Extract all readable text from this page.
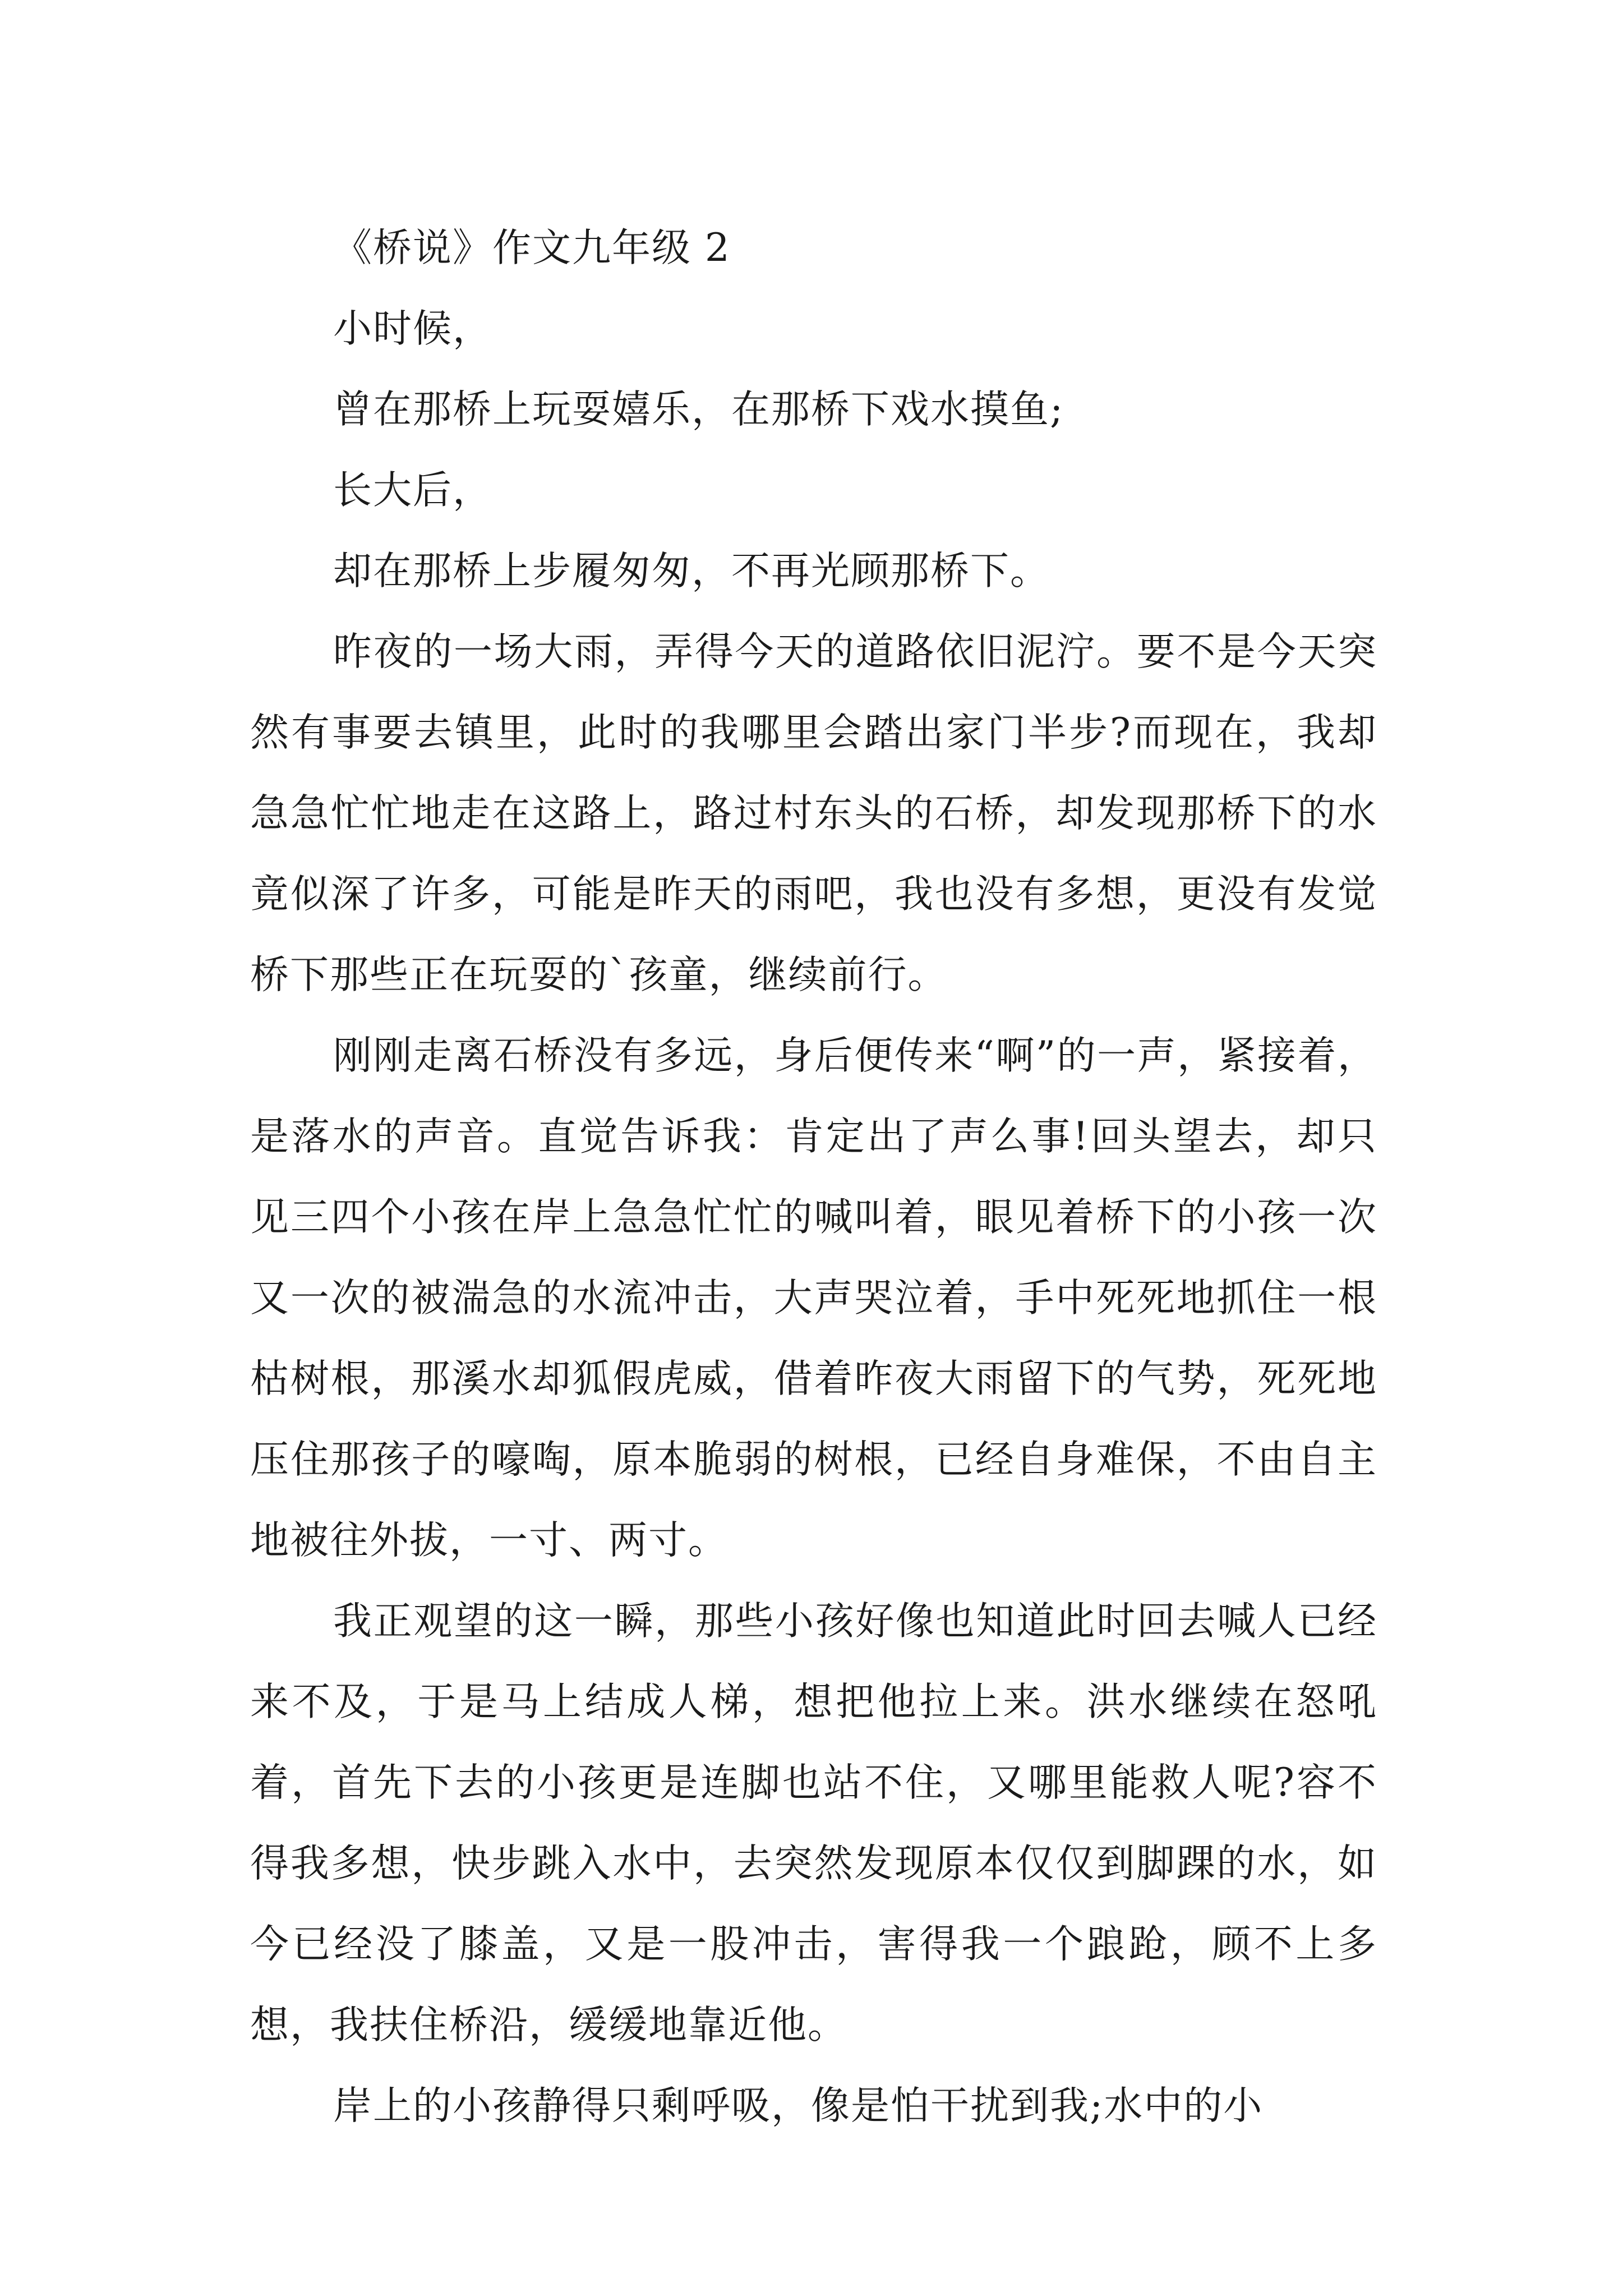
《桥说》作文九年级 2

小时候，

曾在那桥上玩耍嬉乐，在那桥下戏水摸鱼;

长大后，

却在那桥上步履匆匆，不再光顾那桥下。

昨夜的一场大雨，弄得今天的道路依旧泥泞。要不是今天突然有事要去镇里，此时的我哪里会踏出家门半步?而现在，我却急急忙忙地走在这路上，路过村东头的石桥，却发现那桥下的水竟似深了许多，可能是昨天的雨吧，我也没有多想，更没有发觉桥下那些正在玩耍的`孩童，继续前行。

刚刚走离石桥没有多远，身后便传来“啊”的一声，紧接着，是落水的声音。直觉告诉我：肯定出了声么事!回头望去，却只见三四个小孩在岸上急急忙忙的喊叫着，眼见着桥下的小孩一次又一次的被湍急的水流冲击，大声哭泣着，手中死死地抓住一根枯树根，那溪水却狐假虎威，借着昨夜大雨留下的气势，死死地压住那孩子的嚎啕，原本脆弱的树根，已经自身难保，不由自主地被往外拔，一寸、两寸。

我正观望的这一瞬，那些小孩好像也知道此时回去喊人已经来不及，于是马上结成人梯，想把他拉上来。洪水继续在怒吼着，首先下去的小孩更是连脚也站不住，又哪里能救人呢?容不得我多想，快步跳入水中，去突然发现原本仅仅到脚踝的水，如今已经没了膝盖，又是一股冲击，害得我一个踉跄，顾不上多想，我扶住桥沿，缓缓地靠近他。

岸上的小孩静得只剩呼吸，像是怕干扰到我;水中的小
